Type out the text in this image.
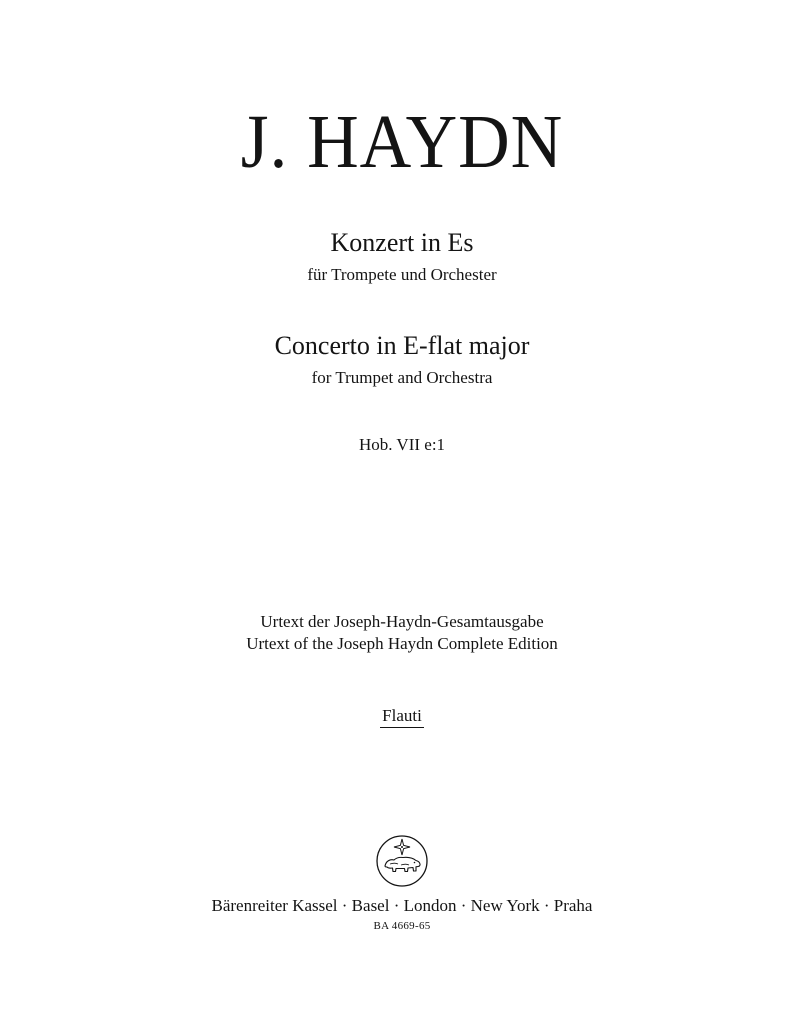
J. HAYDN
Konzert in Es
für Trompete und Orchester
Concerto in E-flat major
for Trumpet and Orchestra
Hob. VII e:1
Urtext der Joseph-Haydn-Gesamtausgabe
Urtext of the Joseph Haydn Complete Edition
Flauti
Bärenreiter Kassel · Basel · London · New York · Praha
BA 4669-65
